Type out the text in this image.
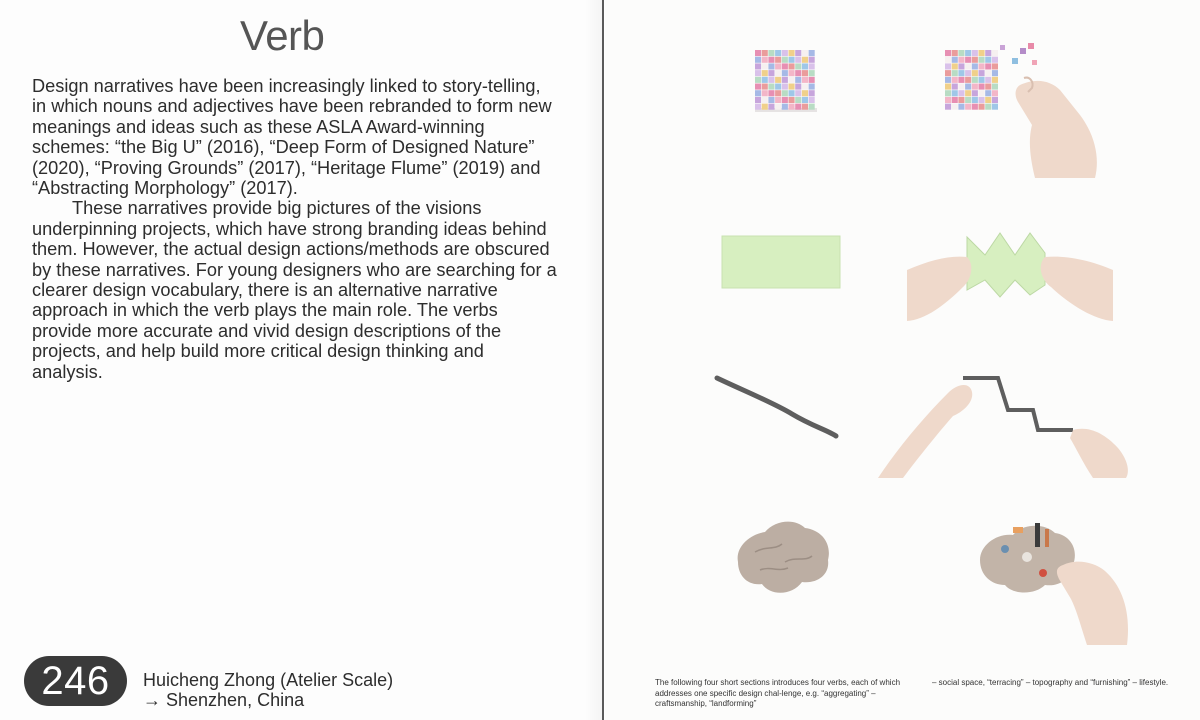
Verb

Design narratives have been increasingly linked to story-telling, in which nouns and adjectives have been rebranded to form new meanings and ideas such as these ASLA Award-winning schemes: “the Big U” (2016), “Deep Form of Designed Nature” (2020), “Proving Grounds” (2017), “Heritage Flume” (2019) and “Abstracting Morphology” (2017).

These narratives provide big pictures of the visions underpinning projects, which have strong branding ideas behind them. However, the actual design actions/methods are obscured by these narratives. For young designers who are searching for a clearer design vocabulary, there is an alternative narrative approach in which the verb plays the main role. The verbs provide more accurate and vivid design descriptions of the projects, and help build more critical design thinking and analysis.

246	Huicheng Zhong (Atelier Scale)
→ Shenzhen, China
The following four short sections introduces four verbs, each of which addresses one specific design chal-lenge, e.g. “aggregating” – craftsmanship, “landforming”
– social space, “terracing” – topography and “furnishing” – lifestyle.
